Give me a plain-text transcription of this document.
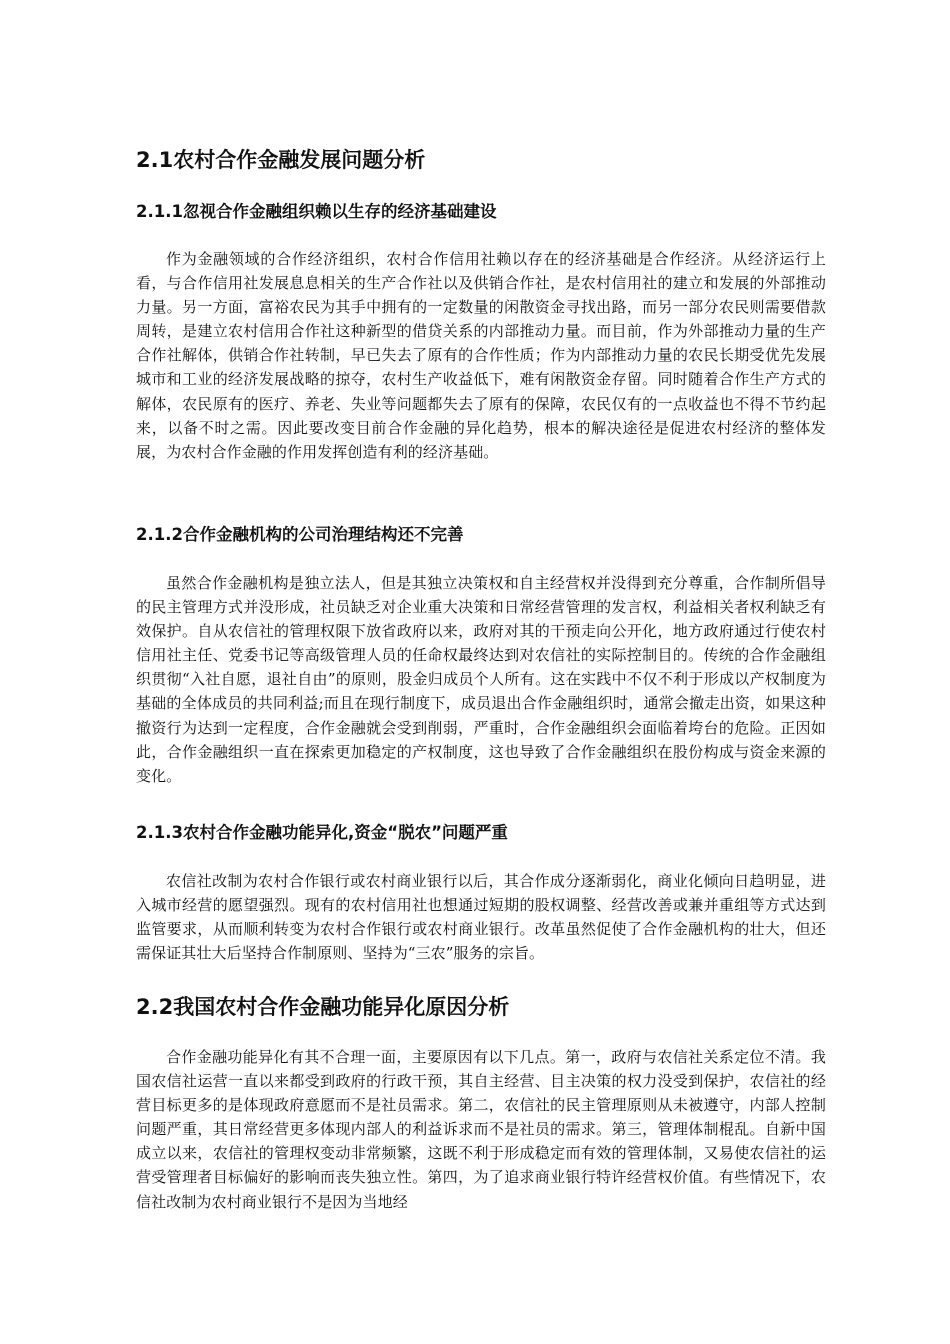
2.1农村合作金融发展问题分析
2.1.1忽视合作金融组织赖以生存的经济基础建设

作为金融领域的合作经济组织，农村合作信用社赖以存在的经济基础是合作经济。从经济运行上看，与合作信用社发展息息相关的生产合作社以及供销合作社，是农村信用社的建立和发展的外部推动力量。另一方面，富裕农民为其手中拥有的一定数量的闲散资金寻找出路，而另一部分农民则需要借款周转，是建立农村信用合作社这种新型的借贷关系的内部推动力量。而目前，作为外部推动力量的生产合作社解体，供销合作社转制，早已失去了原有的合作性质；作为内部推动力量的农民长期受优先发展城市和工业的经济发展战略的掠夺，农村生产收益低下，难有闲散资金存留。同时随着合作生产方式的解体，农民原有的医疗、养老、失业等问题都失去了原有的保障，农民仅有的一点收益也不得不节约起来，以备不时之需。因此要改变目前合作金融的异化趋势，根本的解决途径是促进农村经济的整体发展，为农村合作金融的作用发挥创造有利的经济基础。

2.1.2合作金融机构的公司治理结构还不完善

虽然合作金融机构是独立法人，但是其独立决策权和自主经营权并没得到充分尊重，合作制所倡导的民主管理方式并没形成，社员缺乏对企业重大决策和日常经营管理的发言权，利益相关者权利缺乏有效保护。自从农信社的管理权限下放省政府以来，政府对其的干预走向公开化，地方政府通过行使农村信用社主任、党委书记等高级管理人员的任命权最终达到对农信社的实际控制目的。传统的合作金融组织贯彻“入社自愿，退社自由”的原则，股金归成员个人所有。这在实践中不仅不利于形成以产权制度为基础的全体成员的共同利益;而且在现行制度下，成员退出合作金融组织时，通常会撤走出资，如果这种撤资行为达到一定程度，合作金融就会受到削弱，严重时，合作金融组织会面临着垮台的危险。正因如此，合作金融组织一直在探索更加稳定的产权制度，这也导致了合作金融组织在股份构成与资金来源的变化。

2.1.3农村合作金融功能异化,资金“脱农”问题严重

农信社改制为农村合作银行或农村商业银行以后，其合作成分逐渐弱化，商业化倾向日趋明显，进入城市经营的愿望强烈。现有的农村信用社也想通过短期的股权调整、经营改善或兼并重组等方式达到监管要求，从而顺利转变为农村合作银行或农村商业银行。改革虽然促使了合作金融机构的壮大，但还需保证其壮大后坚持合作制原则、坚持为“三农”服务的宗旨。

2.2我国农村合作金融功能异化原因分析

合作金融功能异化有其不合理一面，主要原因有以下几点。第一，政府与农信社关系定位不清。我国农信社运营一直以来都受到政府的行政干预，其自主经营、目主决策的权力没受到保护，农信社的经营目标更多的是体现政府意愿而不是社员需求。第二，农信社的民主管理原则从未被遵守，内部人控制问题严重，其日常经营更多体现内部人的利益诉求而不是社员的需求。第三，管理体制棍乱。自新中国成立以来，农信社的管理权变动非常频繁，这既不利于形成稳定而有效的管理体制，又易使农信社的运营受管理者目标偏好的影响而丧失独立性。第四，为了追求商业银行特许经营权价值。有些情况下，农信社改制为农村商业银行不是因为当地经
